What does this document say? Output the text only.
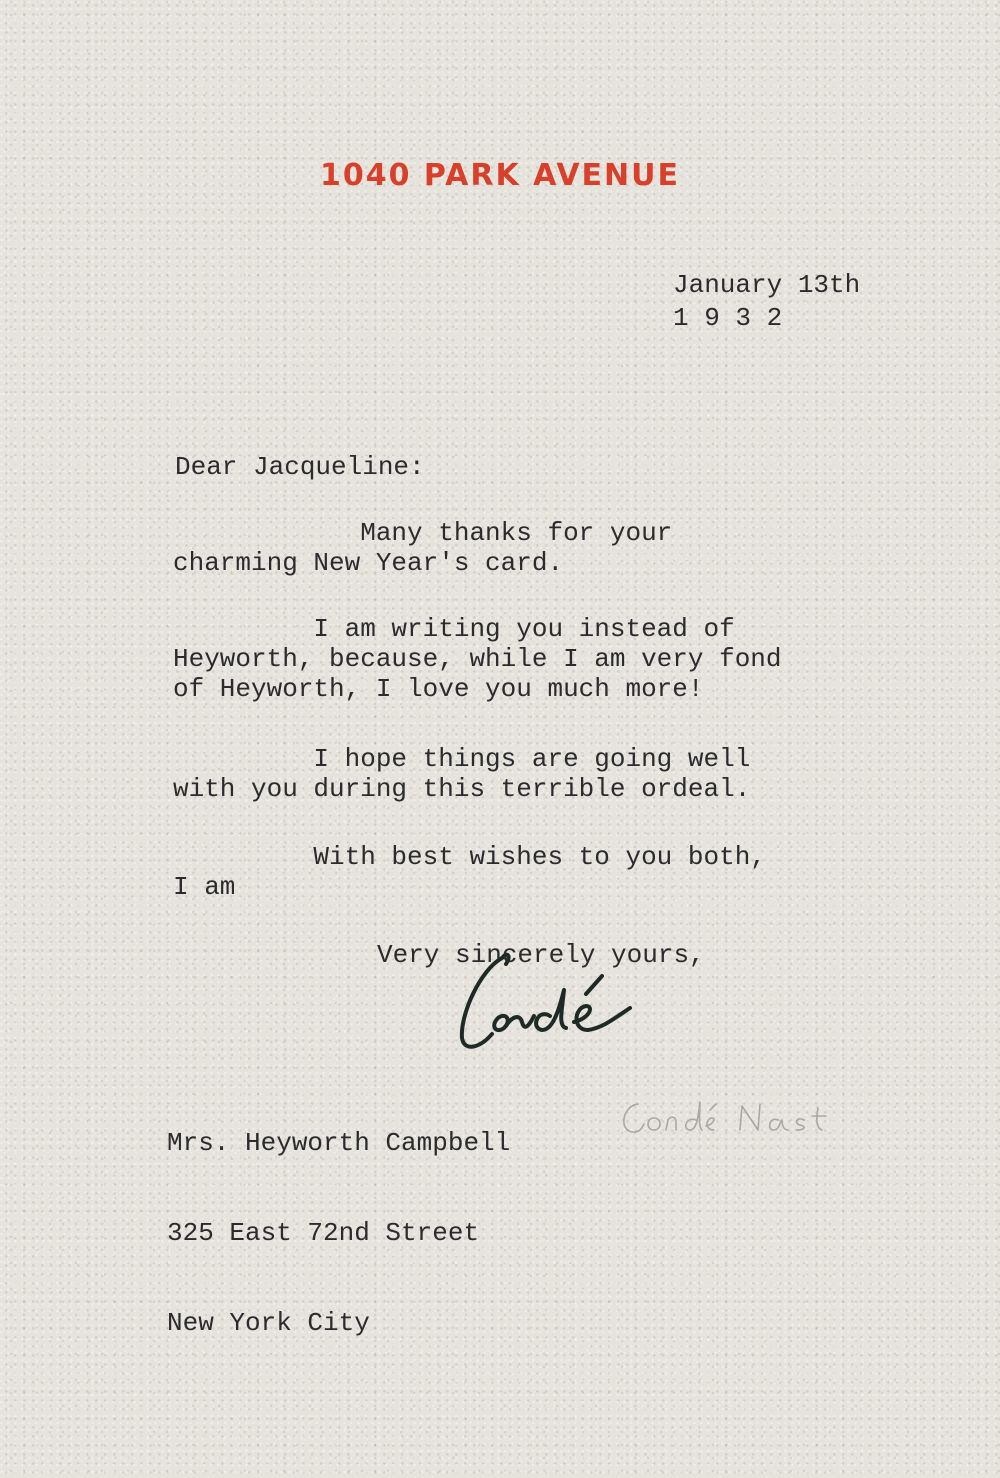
1040 PARK AVENUE
January 13th
1 9 3 2
Dear Jacqueline:
Many thanks for your
charming New Year's card.
I am writing you instead of
Heyworth, because, while I am very fond
of Heyworth, I love you much more!
I hope things are going well
with you during this terrible ordeal.
With best wishes to you both,
I am
Very sincerely yours,

Mrs. Heyworth Campbell

325 East 72nd Street

New York City
